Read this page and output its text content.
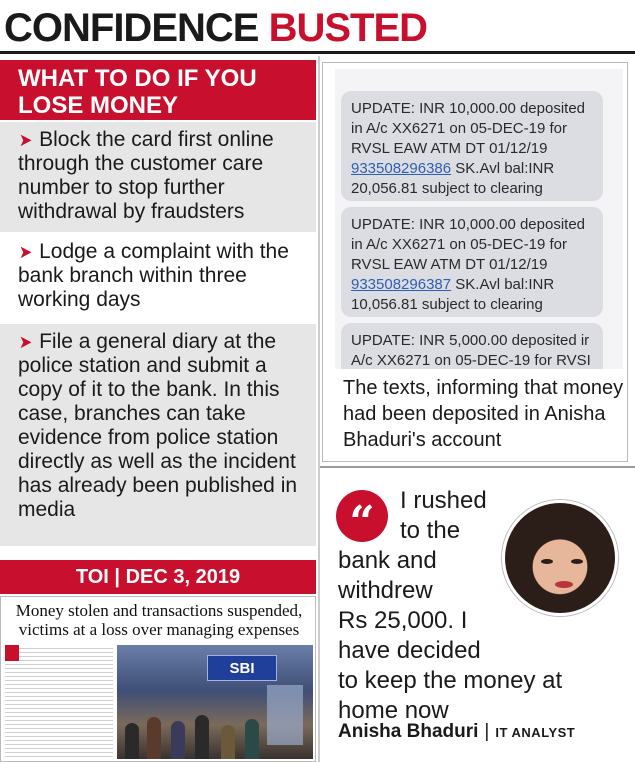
CONFIDENCE BUSTED
WHAT TO DO IF YOU
LOSE MONEY
➤ Block the card first online through the customer care number to stop further withdrawal by fraudsters
➤ Lodge a complaint with the bank branch within three working days
➤ File a general diary at the police station and submit a copy of it to the bank. In this case, branches can take evidence from police station directly as well as the incident has already been published in media
TOI | DEC 3, 2019
Money stolen and transactions suspended, victims at a loss over managing expenses
SBI
UPDATE: INR 10,000.00 deposited
in A/c XX6271 on 05-DEC-19 for
RVSL EAW ATM DT 01/12/19
933508296386 SK.Avl bal:INR
20,056.81 subject to clearing
UPDATE: INR 10,000.00 deposited
in A/c XX6271 on 05-DEC-19 for
RVSL EAW ATM DT 01/12/19
933508296387 SK.Avl bal:INR
10,056.81 subject to clearing
UPDATE: INR 5,000.00 deposited ir
A/c XX6271 on 05-DEC-19 for RVSI
The texts, informing that money had been deposited in Anisha Bhaduri's account
“	I rushed
to the
bank and
withdrew
Rs 25,000. I
have decided
to keep the money at
home now
Anisha Bhaduri | IT ANALYST
